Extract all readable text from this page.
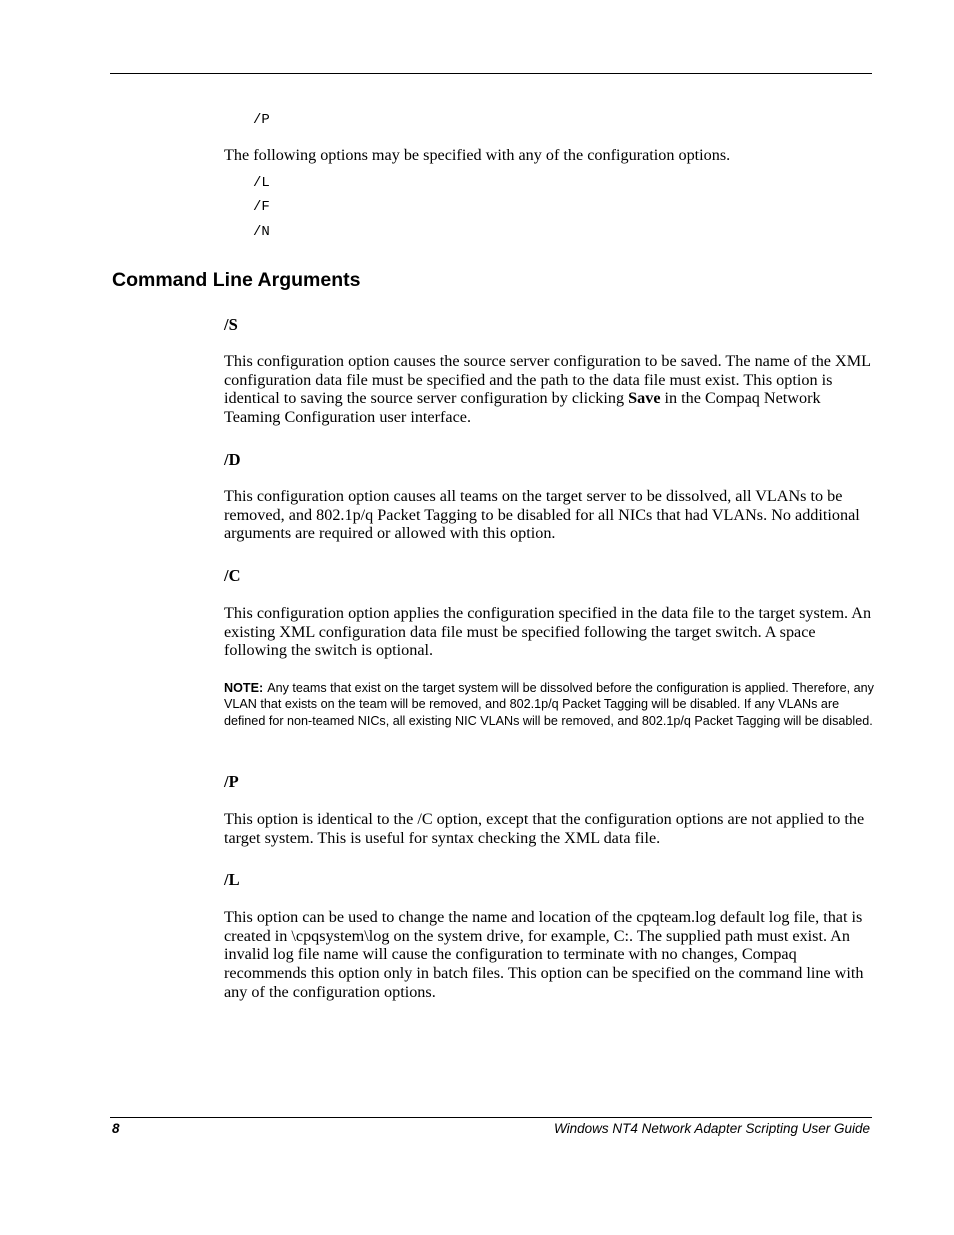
/P
The following options may be specified with any of the configuration options.
/L
/F
/N
Command Line Arguments
/S
This configuration option causes the source server configuration to be saved. The name of the XML configuration data file must be specified and the path to the data file must exist. This option is identical to saving the source server configuration by clicking Save in the Compaq Network Teaming Configuration user interface.
/D
This configuration option causes all teams on the target server to be dissolved, all VLANs to be removed, and 802.1p/q Packet Tagging to be disabled for all NICs that had VLANs. No additional arguments are required or allowed with this option.
/C
This configuration option applies the configuration specified in the data file to the target system. An existing XML configuration data file must be specified following the target switch. A space following the switch is optional.
NOTE: Any teams that exist on the target system will be dissolved before the configuration is applied. Therefore, any VLAN that exists on the team will be removed, and 802.1p/q Packet Tagging will be disabled. If any VLANs are defined for non-teamed NICs, all existing NIC VLANs will be removed, and 802.1p/q Packet Tagging will be disabled.
/P
This option is identical to the /C option, except that the configuration options are not applied to the target system. This is useful for syntax checking the XML data file.
/L
This option can be used to change the name and location of the cpqteam.log default log file, that is created in \cpqsystem\log on the system drive, for example, C:. The supplied path must exist. An invalid log file name will cause the configuration to terminate with no changes, Compaq recommends this option only in batch files. This option can be specified on the command line with any of the configuration options.
8	Windows NT4 Network Adapter Scripting User Guide
